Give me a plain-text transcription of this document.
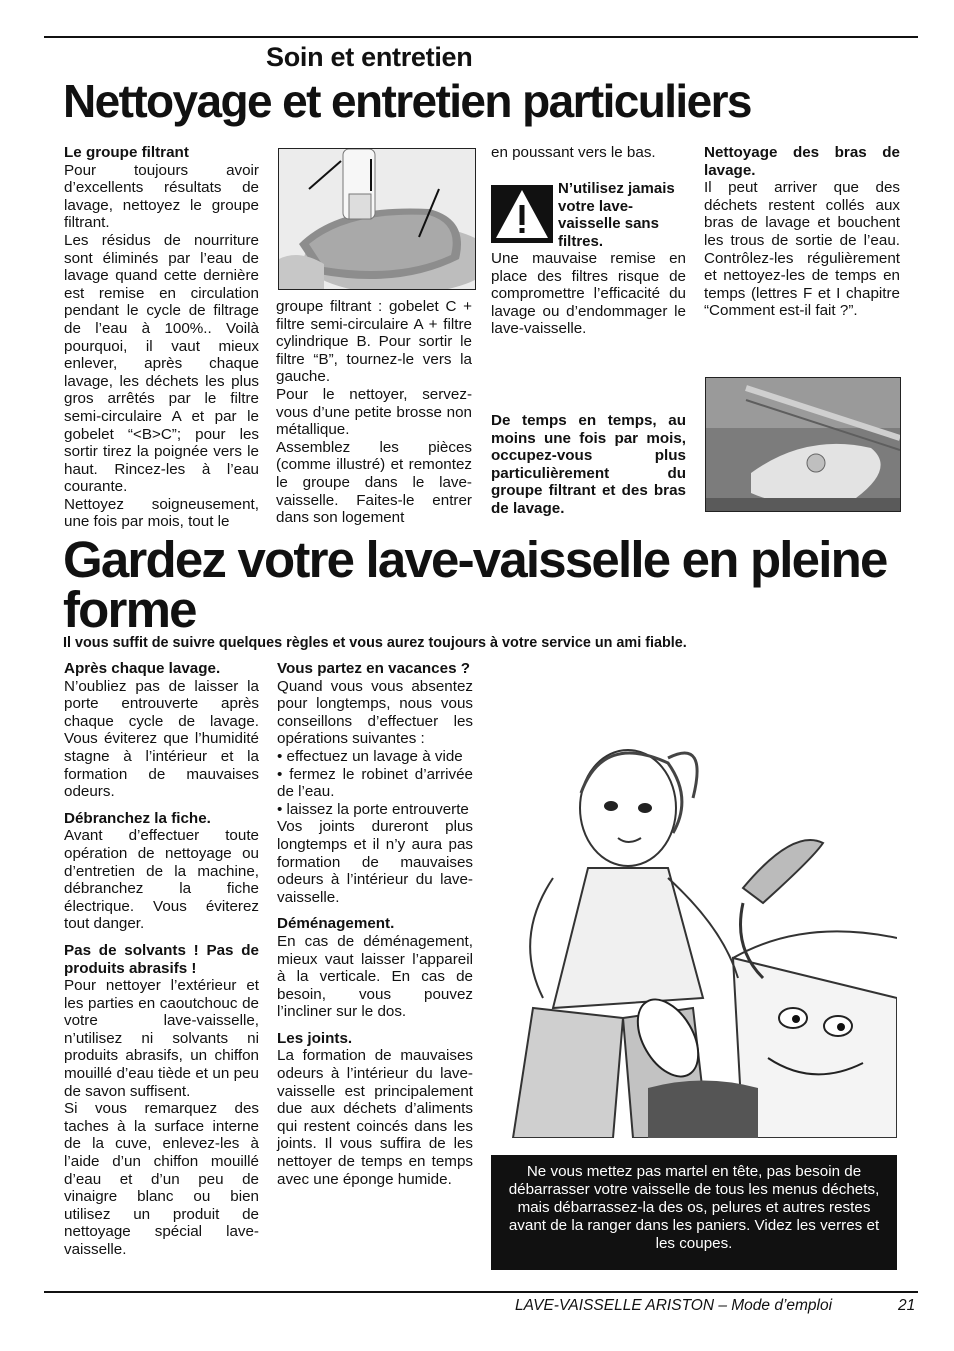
Soin et entretien
Nettoyage et entretien particuliers

Le groupe filtrant

Pour toujours avoir d’excellents résultats de lavage, nettoyez le groupe filtrant.

Les résidus de nourriture sont éliminés par l’eau de lavage quand cette dernière est remise en circulation pendant le cycle de filtrage de l’eau à 100%.. Voilà pourquoi, il vaut mieux enlever, après chaque lavage, les déchets les plus gros arrêtés par le filtre semi-circulaire A et par le gobelet “<B>C”; pour les sortir tirez la poignée vers le haut. Rincez-les à l’eau courante.

Nettoyez soigneusement, une fois par mois, tout le

groupe filtrant : gobelet C + filtre semi-circulaire A + filtre cylindrique B. Pour sortir le filtre “B”, tournez-le vers la gauche.

Pour le nettoyer, servez-vous d’une petite brosse non métallique.

Assemblez les pièces (comme illustré) et remontez le groupe dans le lave-vaisselle. Faites-le entrer dans son logement

en poussant vers le bas.

N’utilisez jamais votre lave-vaisselle sans filtres.

Une mauvaise remise en place des filtres risque de compromettre l’efficacité du lavage ou d’endommager le lave-vaisselle.

De temps en temps, au moins une fois par mois, occupez-vous plus particulièrement du groupe filtrant et des bras de lavage.

Nettoyage des bras de lavage.

Il peut arriver que des déchets restent collés aux bras de lavage et bouchent les trous de sortie de l’eau. Contrôlez-les régulièrement et nettoyez-les de temps en temps (lettres F et I chapitre “Comment est-il fait ?”.

Gardez votre lave-vaisselle en pleine forme
Il vous suffit de suivre quelques règles et vous aurez toujours à votre service un ami fiable.

Après chaque lavage.

N’oubliez pas de laisser la porte entrouverte après chaque cycle de lavage. Vous éviterez que l’humidité stagne à l’intérieur et la formation de mauvaises odeurs.

Débranchez la fiche.

Avant d’effectuer toute opération de nettoyage ou d’entretien de la machine, débranchez la fiche électrique. Vous éviterez tout danger.

Pas de solvants ! Pas de produits abrasifs !

Pour nettoyer l’extérieur et les parties en caoutchouc de votre lave-vaisselle, n’utilisez ni solvants ni produits abrasifs, un chiffon mouillé d’eau tiède et un peu de savon suffisent.

Si vous remarquez des taches à la surface interne de la cuve, enlevez-les à l’aide d’un chiffon mouillé d’eau et d’un peu de vinaigre blanc ou bien utilisez un produit de nettoyage spécial lave-vaisselle.

Vous partez en vacances ?

Quand vous vous absentez pour longtemps, nous vous conseillons d’effectuer les opérations suivantes :

• effectuez un lavage à vide

• fermez le robinet d’arrivée de l’eau.

• laissez la porte entrouverte

Vos joints dureront plus longtemps et il n’y aura pas formation de mauvaises odeurs à l’intérieur du lave-vaisselle.

Déménagement.

En cas de déménagement, mieux vaut laisser l’appareil à la verticale. En cas de besoin, vous pouvez l’incliner sur le dos.

Les joints.

La formation de mauvaises odeurs à l’intérieur du lave-vaisselle est principalement due aux déchets d’aliments qui restent coincés dans les joints. Il vous suffira de les nettoyer de temps en temps avec une éponge humide.	Ne vous mettez pas martel en tête, pas besoin de débarrasser votre vaisselle de tous les menus déchets, mais débarrassez-la des os, pelures et autres restes avant de la ranger dans les paniers. Videz les verres et les coupes.
LAVE-VAISSELLE ARISTON – Mode d’emploi	21
